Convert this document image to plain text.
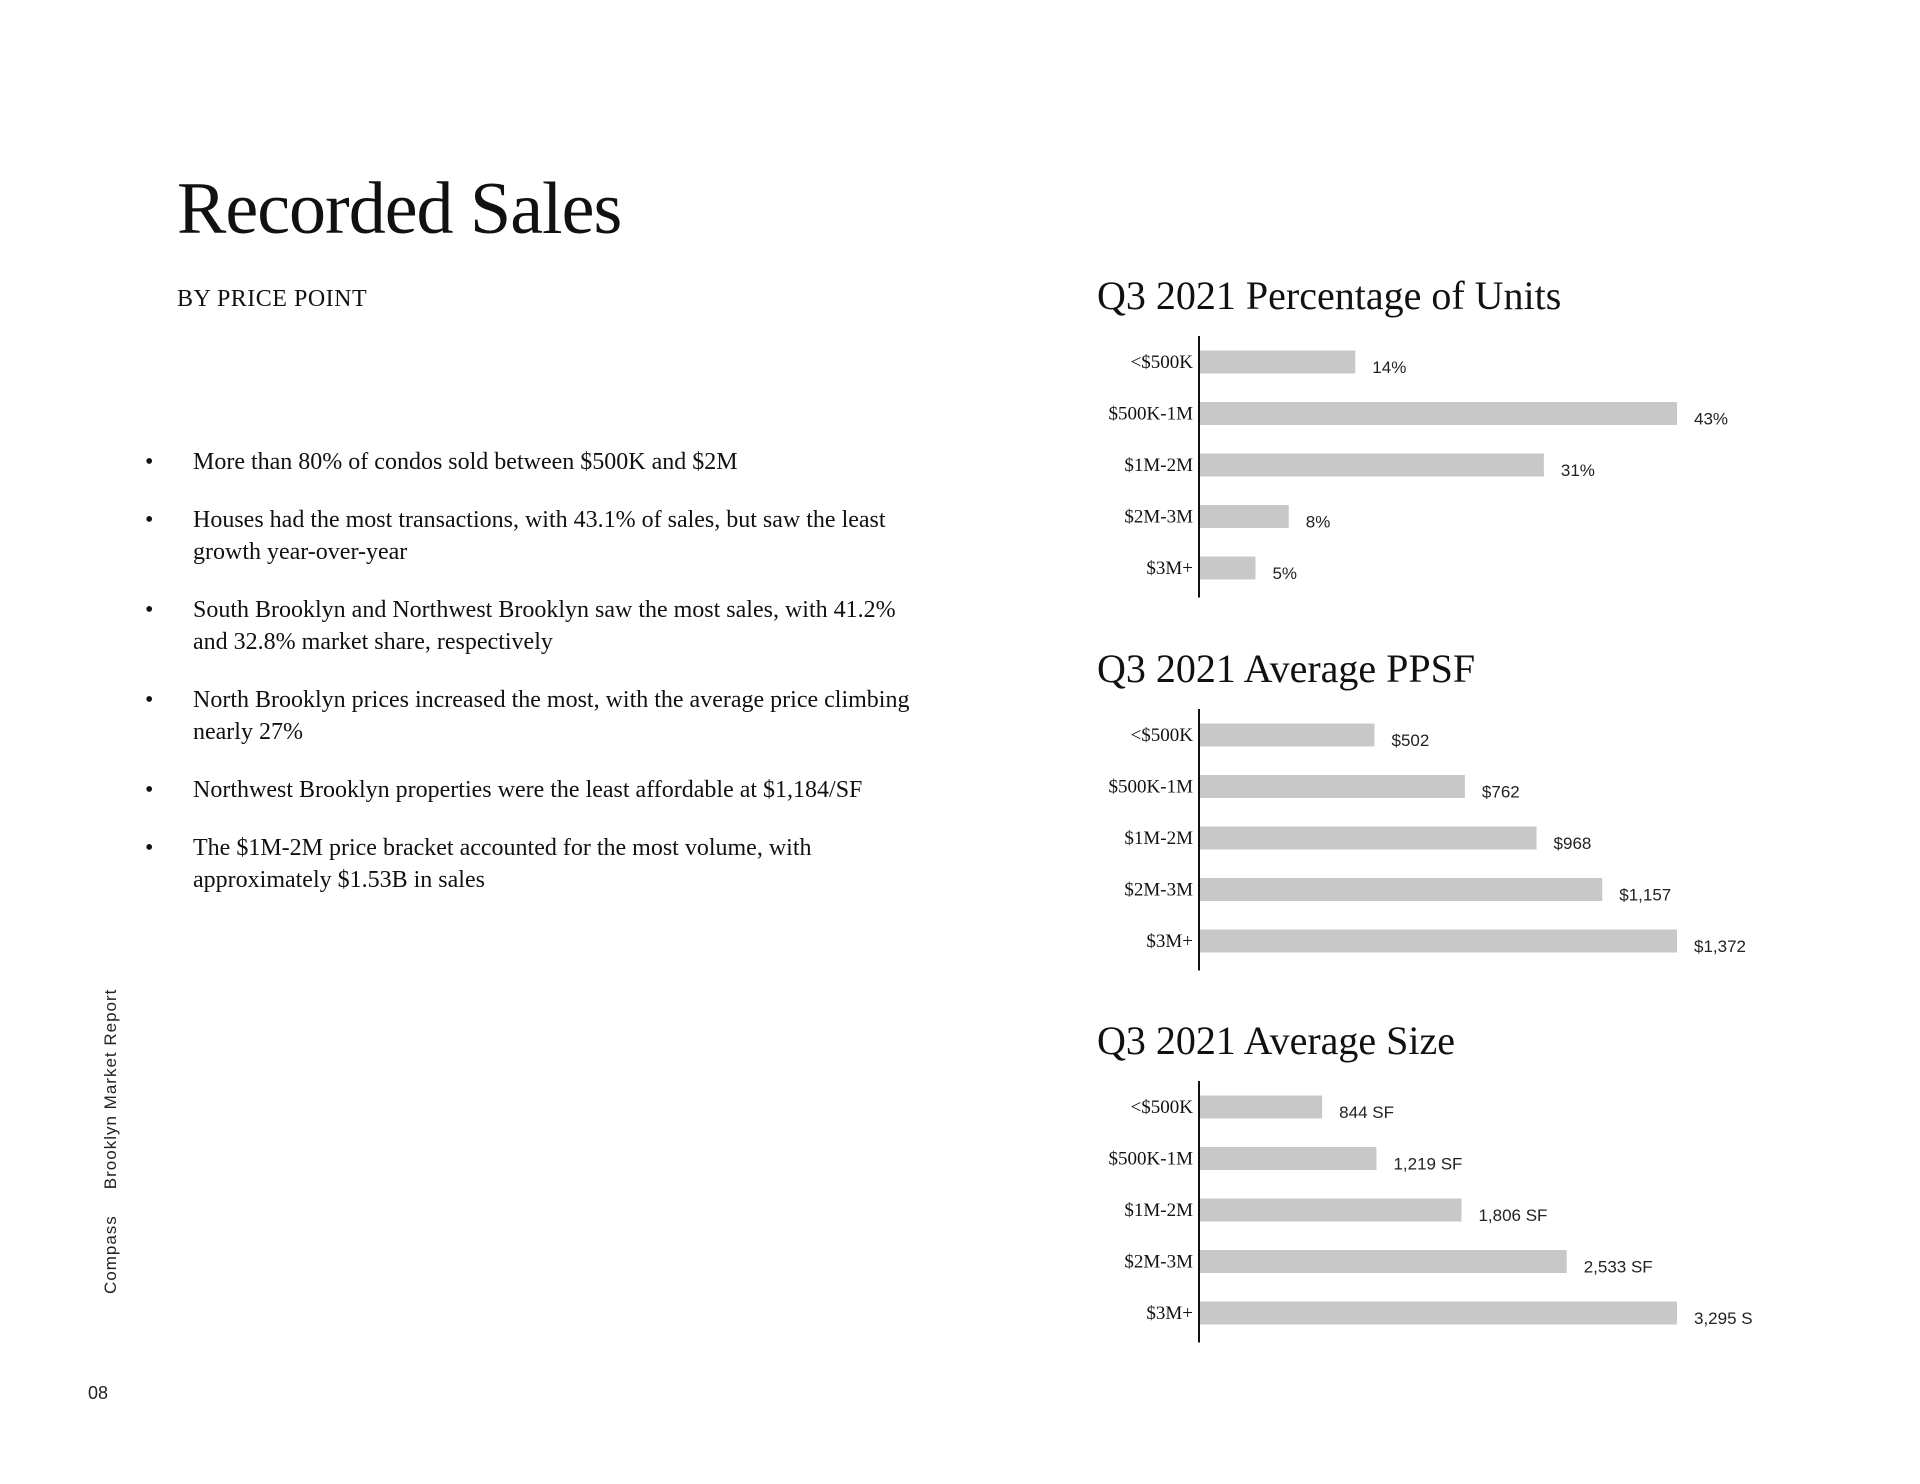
Recorded Sales
BY PRICE POINT
• More than 80% of condos sold between $500K and $2M
• Houses had the most transactions, with 43.1% of sales, but saw the least growth year-over-year
• South Brooklyn and Northwest Brooklyn saw the most sales, with 41.2% and 32.8% market share, respectively
• North Brooklyn prices increased the most, with the average price climbing nearly 27%
• Northwest Brooklyn properties were the least affordable at $1,184/SF
• The $1M-2M price bracket accounted for the most volume, with approximately $1.53B in sales
CompassBrooklyn Market Report
08
Q3 2021 Percentage of Units
<$500K	14%
$500K-1M	43%
$1M-2M	31%
$2M-3M	8%
$3M+	5%
Q3 2021 Average PPSF
<$500K	$502
$500K-1M	$762
$1M-2M	$968
$2M-3M	$1,157
$3M+	$1,372
Q3 2021 Average Size
<$500K	844 SF
$500K-1M	1,219 SF
$1M-2M	1,806 SF
$2M-3M	2,533 SF
$3M+	3,295 S
